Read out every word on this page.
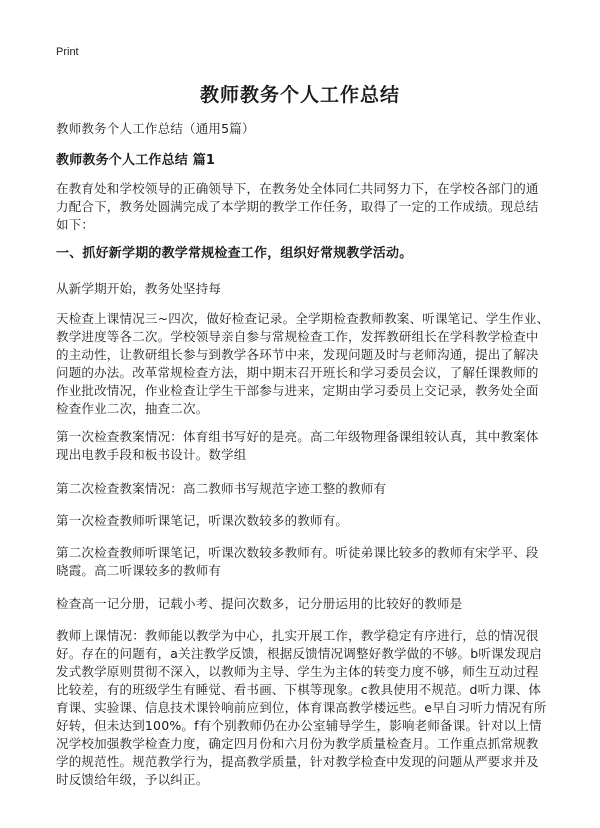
Print
教师教务个人工作总结

教师教务个人工作总结（通用5篇）

教师教务个人工作总结 篇1

在教育处和学校领导的正确领导下，在教务处全体同仁共同努力下，在学校各部门的通力配合下，教务处圆满完成了本学期的教学工作任务，取得了一定的工作成绩。现总结如下：

一、抓好新学期的教学常规检查工作，组织好常规教学活动。

从新学期开始，教务处坚持每

天检查上课情况三~四次，做好检查记录。全学期检查教师教案、听课笔记、学生作业、教学进度等各二次。学校领导亲自参与常规检查工作，发挥教研组长在学科教学检查中的主动性，让教研组长参与到教学各环节中来，发现问题及时与老师沟通，提出了解决问题的办法。改革常规检查方法，期中期末召开班长和学习委员会议，了解任课教师的作业批改情况，作业检查让学生干部参与进来，定期由学习委员上交记录，教务处全面检查作业二次，抽查二次。

第一次检查教案情况：体育组书写好的是亮。高二年级物理备课组较认真，其中教案体现出电教手段和板书设计。数学组

第二次检查教案情况：高二教师书写规范字迹工整的教师有

第一次检查教师听课笔记，听课次数较多的教师有。

第二次检查教师听课笔记，听课次数较多教师有。听徒弟课比较多的教师有宋学平、段晓霞。高二听课较多的教师有

检查高一记分册，记载小考、提问次数多，记分册运用的比较好的教师是

教师上课情况：教师能以教学为中心，扎实开展工作，教学稳定有序进行，总的情况很好。存在的问题有，a关注教学反馈，根据反馈情况调整好教学做的不够。b听课发现启发式教学原则贯彻不深入，以教师为主导、学生为主体的转变力度不够，师生互动过程比较差，有的班级学生有睡觉、看书画、下棋等现象。c教具使用不规范。d听力课、体育课、实验课、信息技术课铃响前应到位，体育课高教学楼远些。e早自习听力情况有所好转，但未达到100%。f有个别教师仍在办公室辅导学生，影响老师备课。针对以上情况学校加强教学检查力度，确定四月份和六月份为教学质量检查月。工作重点抓常规教学的规范性。规范教学行为，提高教学质量，针对教学检查中发现的问题从严要求并及时反馈给年级，予以纠正。
